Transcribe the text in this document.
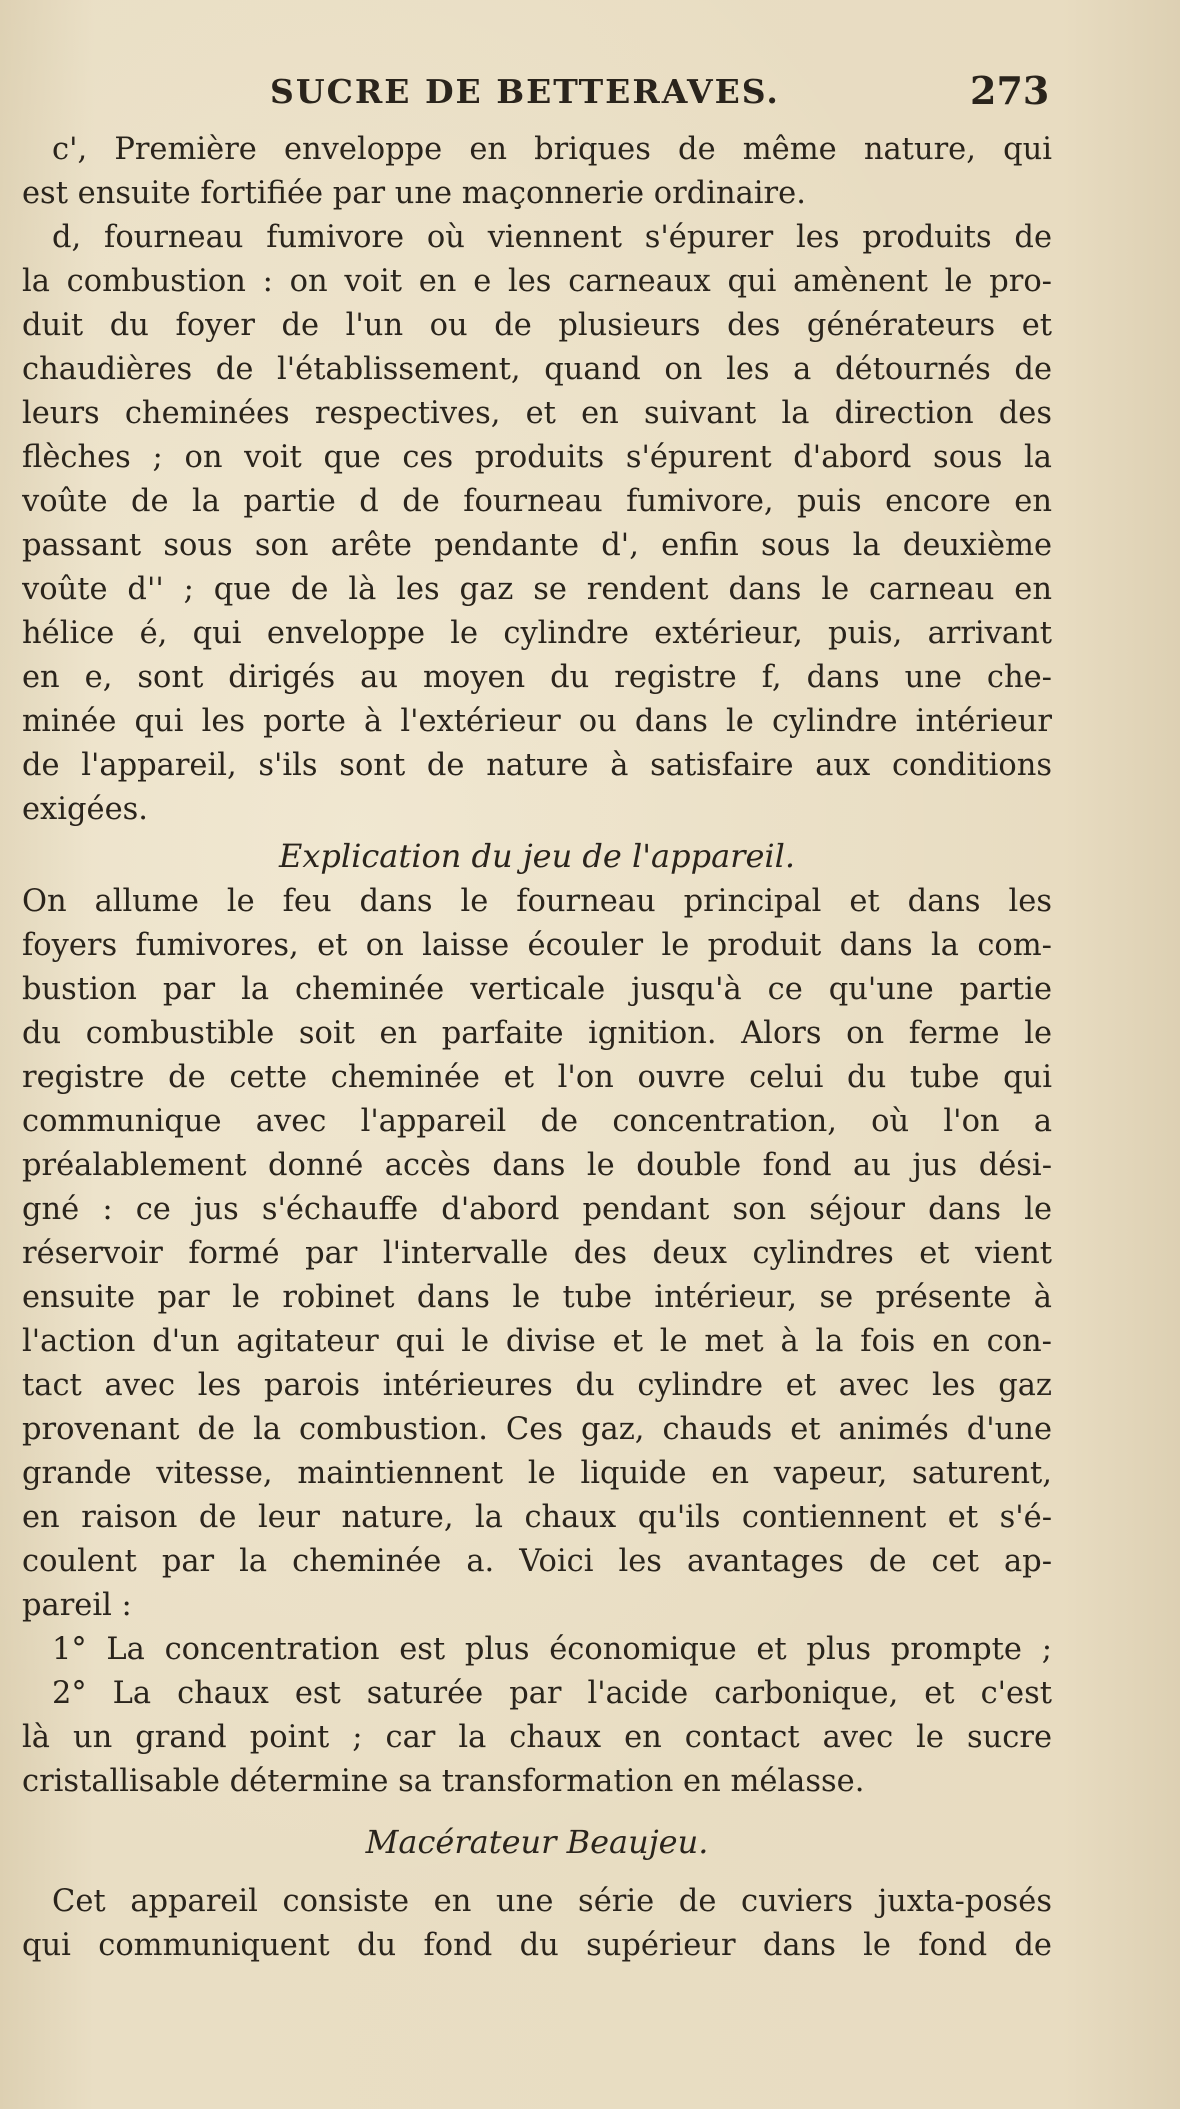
SUCRE DE BETTERAVES.	273
c', Première enveloppe en briques de même nature, qui
est ensuite fortifiée par une maçonnerie ordinaire.
d, fourneau fumivore où viennent s'épurer les produits de
la combustion : on voit en e les carneaux qui amènent le pro-
duit du foyer de l'un ou de plusieurs des générateurs et
chaudières de l'établissement, quand on les a détournés de
leurs cheminées respectives, et en suivant la direction des
flèches ; on voit que ces produits s'épurent d'abord sous la
voûte de la partie d de fourneau fumivore, puis encore en
passant sous son arête pendante d', enfin sous la deuxième
voûte d'' ; que de là les gaz se rendent dans le carneau en
hélice é, qui enveloppe le cylindre extérieur, puis, arrivant
en e, sont dirigés au moyen du registre f, dans une che-
minée qui les porte à l'extérieur ou dans le cylindre intérieur
de l'appareil, s'ils sont de nature à satisfaire aux conditions
exigées.
Explication du jeu de l'appareil.
On allume le feu dans le fourneau principal et dans les
foyers fumivores, et on laisse écouler le produit dans la com-
bustion par la cheminée verticale jusqu'à ce qu'une partie
du combustible soit en parfaite ignition. Alors on ferme le
registre de cette cheminée et l'on ouvre celui du tube qui
communique avec l'appareil de concentration, où l'on a
préalablement donné accès dans le double fond au jus dési-
gné : ce jus s'échauffe d'abord pendant son séjour dans le
réservoir formé par l'intervalle des deux cylindres et vient
ensuite par le robinet dans le tube intérieur, se présente à
l'action d'un agitateur qui le divise et le met à la fois en con-
tact avec les parois intérieures du cylindre et avec les gaz
provenant de la combustion. Ces gaz, chauds et animés d'une
grande vitesse, maintiennent le liquide en vapeur, saturent,
en raison de leur nature, la chaux qu'ils contiennent et s'é-
coulent par la cheminée a. Voici les avantages de cet ap-
pareil :
1° La concentration est plus économique et plus prompte ;
2° La chaux est saturée par l'acide carbonique, et c'est
là un grand point ; car la chaux en contact avec le sucre
cristallisable détermine sa transformation en mélasse.
Macérateur Beaujeu.
Cet appareil consiste en une série de cuviers juxta-posés
qui communiquent du fond du supérieur dans le fond de
